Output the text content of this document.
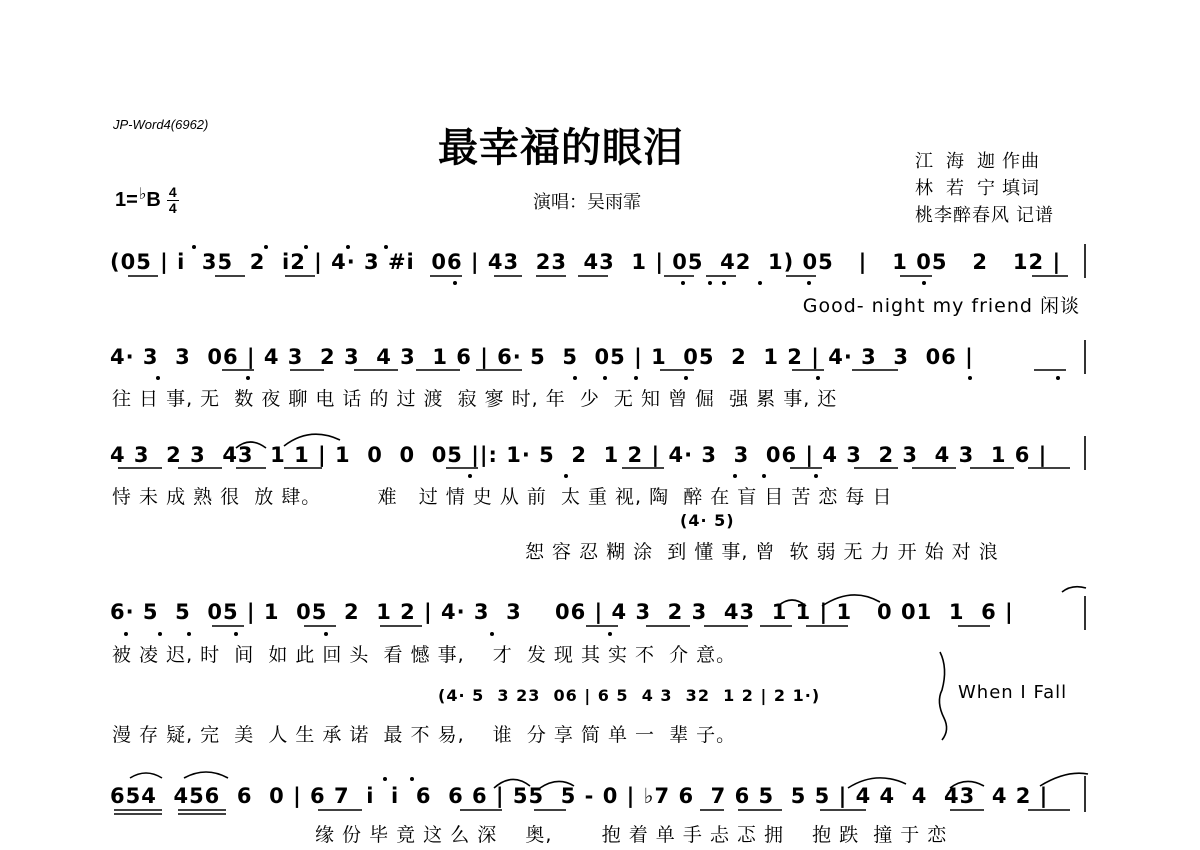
JP-Word4(6962)
最幸福的眼泪
1= ♭ B $\frac{4}{4}$	演唱：吴雨霏
江  海  迦 作曲
林  若  宁 填词
桃李醉春风 记谱
(05 | i  35  2  i2 | 4· 3 #i  06 | 43  23  43  1 | 05  42  1) 05   |   1 05   2   12 |
Good- night my friend 闲谈
4· 3  3  06 | 4 3  2 3  4 3  1 6 | 6· 5  5  05 | 1  05  2  1 2 | 4· 3  3  06 |
往 日 事, 无  数 夜 聊 电 话 的 过 渡  寂 寥 时, 年  少  无 知 曾 倔  强 累 事, 还
4 3  2 3  43  1 1 | 1  0  0  05 ||: 1· 5  2  1 2 | 4· 3  3  06 | 4 3  2 3  4 3  1 6 |
恃 未 成 熟 很  放 肆。        难   过 情 史 从 前  太 重 视, 陶  醉 在 盲 目 苦 恋 每 日
(4· 5)
恕 容 忍 糊 涂  到 懂 事, 曾  软 弱 无 力 开 始 对 浪
6· 5  5  05 | 1  05  2  1 2 | 4· 3  3    06 | 4 3  2 3  43  1 1 | 1   0 01  1  6 |
被 凌 迟, 时  间  如 此 回 头  看 憾 事,    才  发 现 其 实 不  介 意。
(4· 5  3 23  06 | 6 5  4 3  32  1 2 | 2 1·)	When I Fall
漫 存 疑, 完  美  人 生 承 诺  最 不 易,    谁  分 享 简 单 一  辈 子。
654  456  6  0 | 6 7  i  i  6  6 6 | 55  5 - 0 | ♭7 6  7 6 5  5 5 | 4 4  4  43  4 2 |
缘 份 毕 竟 这 么 深    奥,       抱 着 单 手 忐 忑 拥    抱 跌  撞 于 恋
